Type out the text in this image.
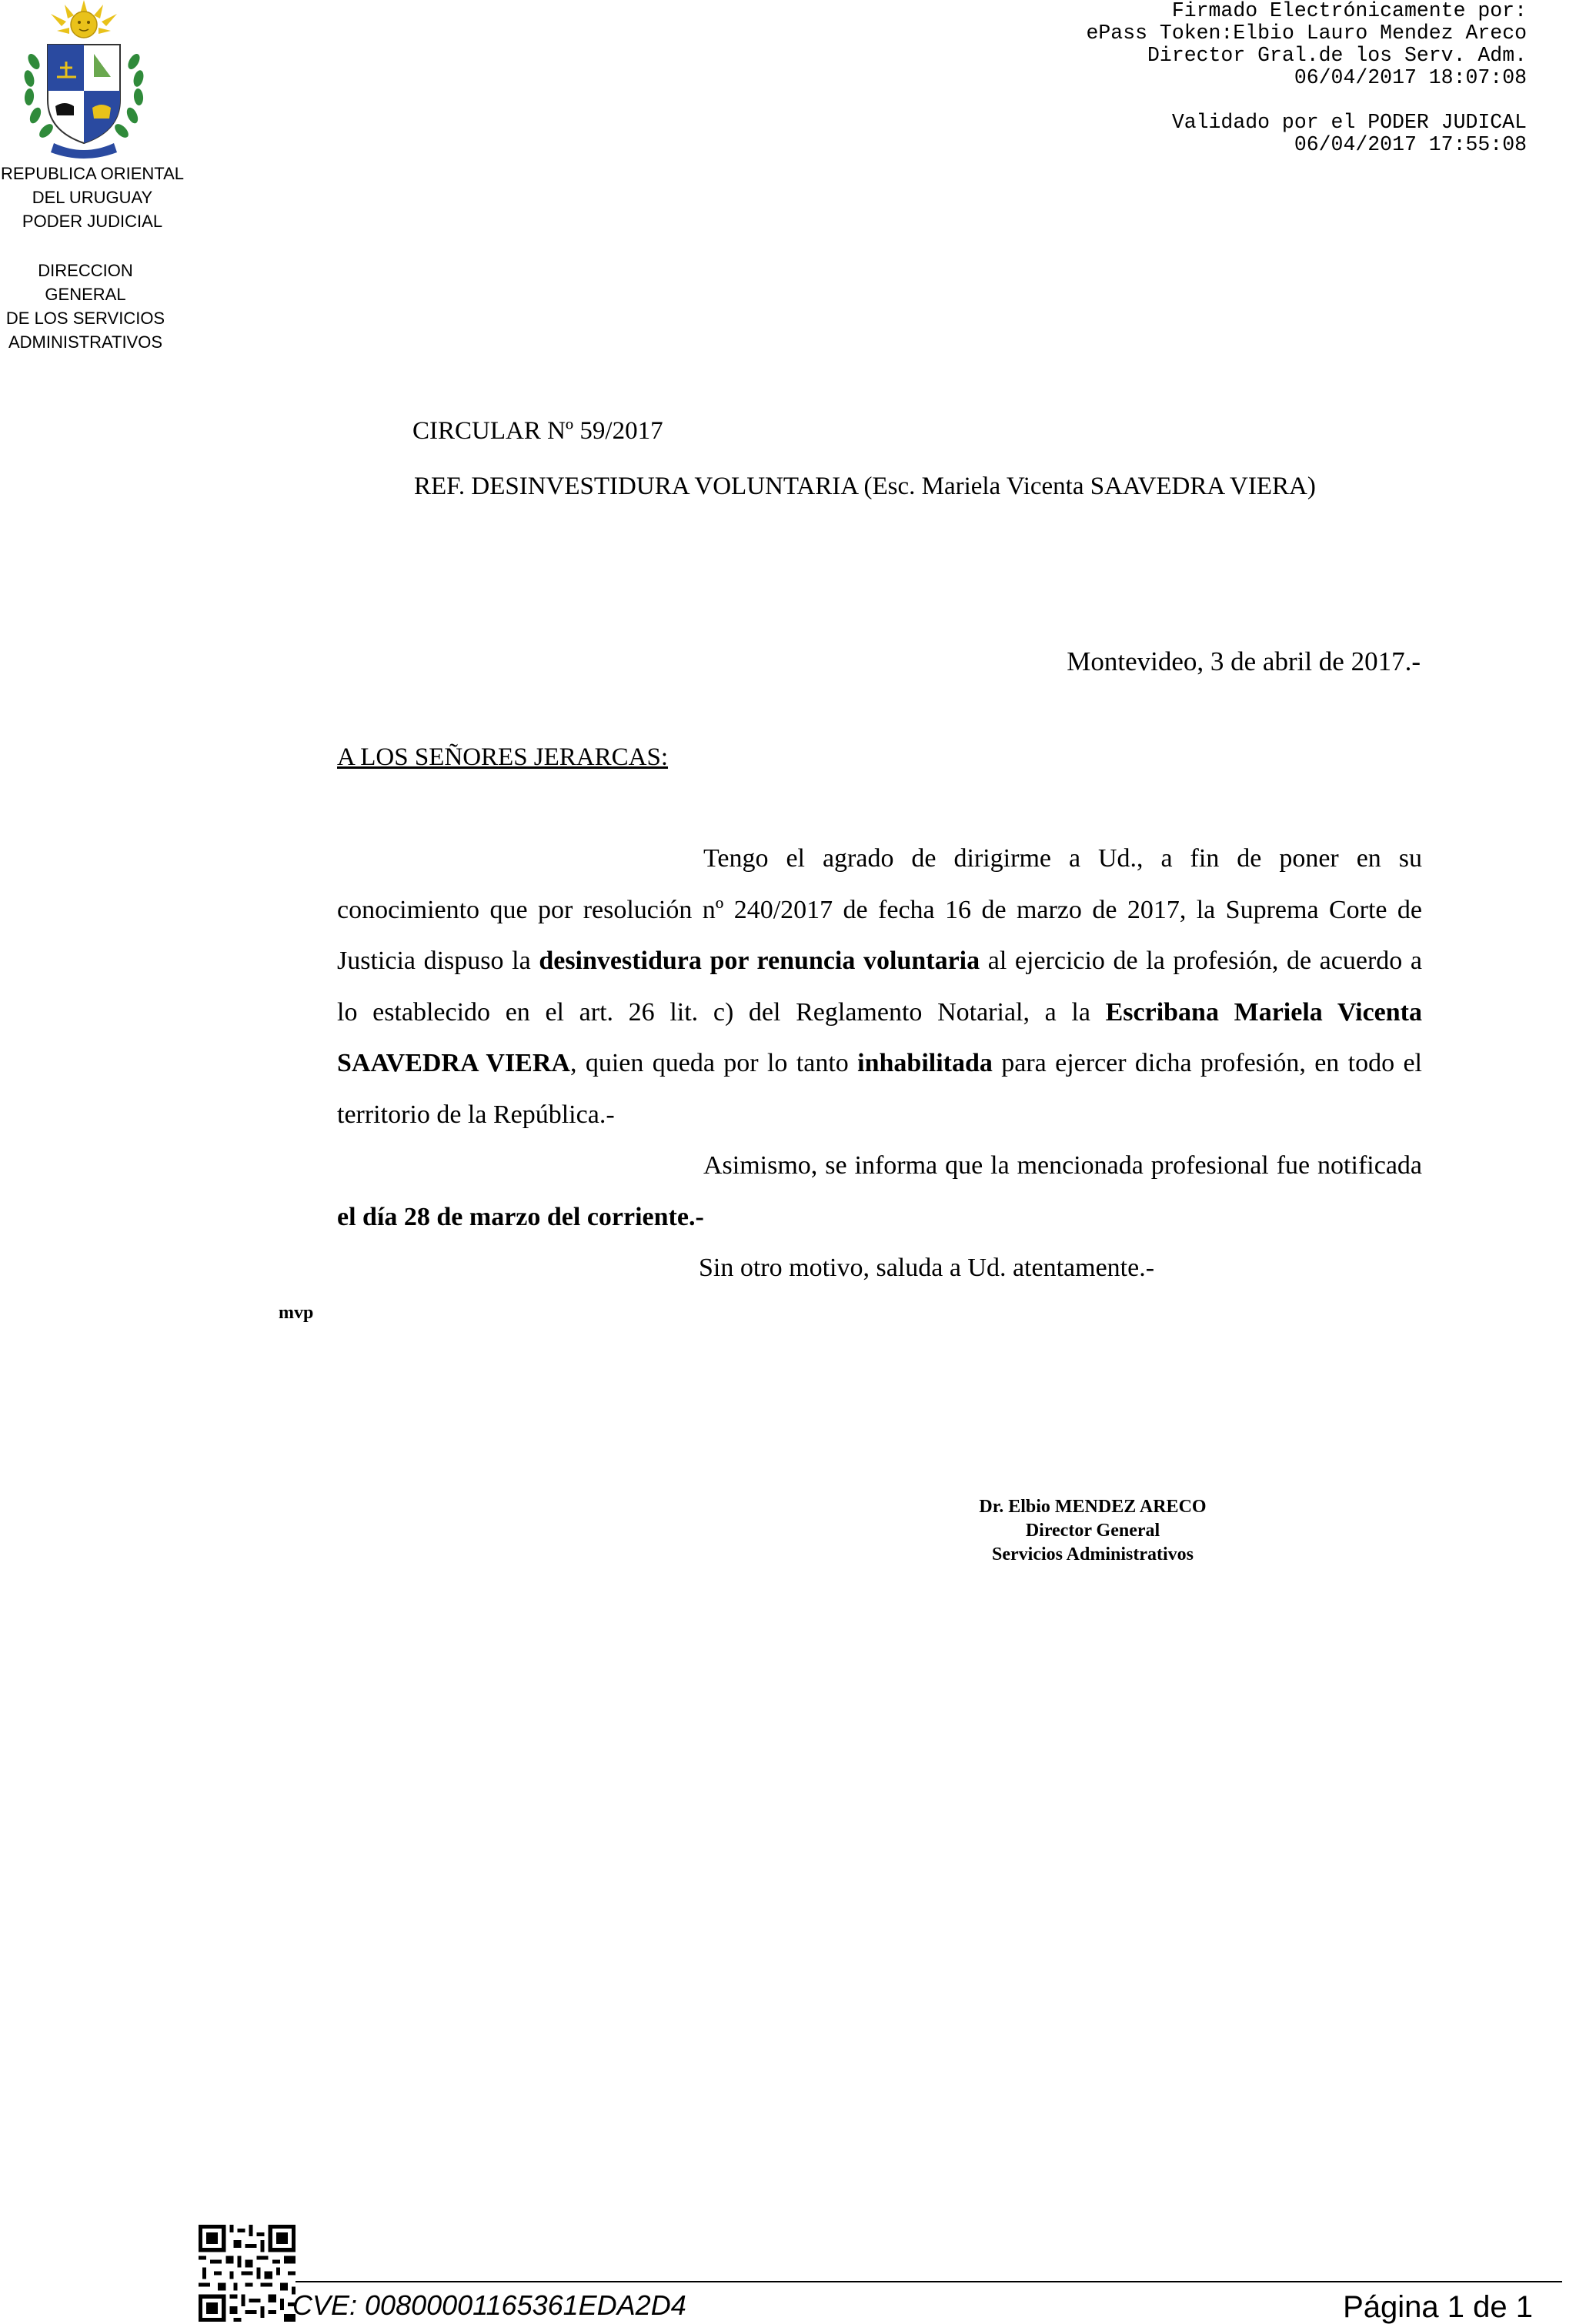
REPUBLICA ORIENTAL
DEL URUGUAY
PODER JUDICIAL
DIRECCION GENERAL
DE LOS SERVICIOS
ADMINISTRATIVOS
Firmado Electrónicamente por:
ePass Token:Elbio Lauro Mendez Areco
Director Gral.de los Serv. Adm.
06/04/2017 18:07:08
Validado por el PODER JUDICAL
06/04/2017 17:55:08
CIRCULAR Nº 59/2017
REF. DESINVESTIDURA VOLUNTARIA (Esc. Mariela Vicenta SAAVEDRA VIERA)
Montevideo, 3 de abril de 2017.-
A LOS SEÑORES JERARCAS:
Tengo el agrado de dirigirme a Ud., a fin de poner en su conocimiento que por resolución nº 240/2017 de fecha 16 de marzo de 2017, la Suprema Corte de Justicia dispuso la desinvestidura por renuncia voluntaria al ejercicio de la profesión, de acuerdo a lo establecido en el art. 26 lit. c) del Reglamento Notarial, a la Escribana Mariela Vicenta SAAVEDRA VIERA, quien queda por lo tanto inhabilitada para ejercer dicha profesión, en todo el territorio de la República.-
Asimismo, se informa que la mencionada profesional fue notificada el día 28 de marzo del corriente.-
Sin otro motivo, saluda a Ud. atentamente.-
mvp
Dr. Elbio MENDEZ ARECO
Director General
Servicios Administrativos
CVE: 00800001165361EDA2D4	Página 1 de 1
